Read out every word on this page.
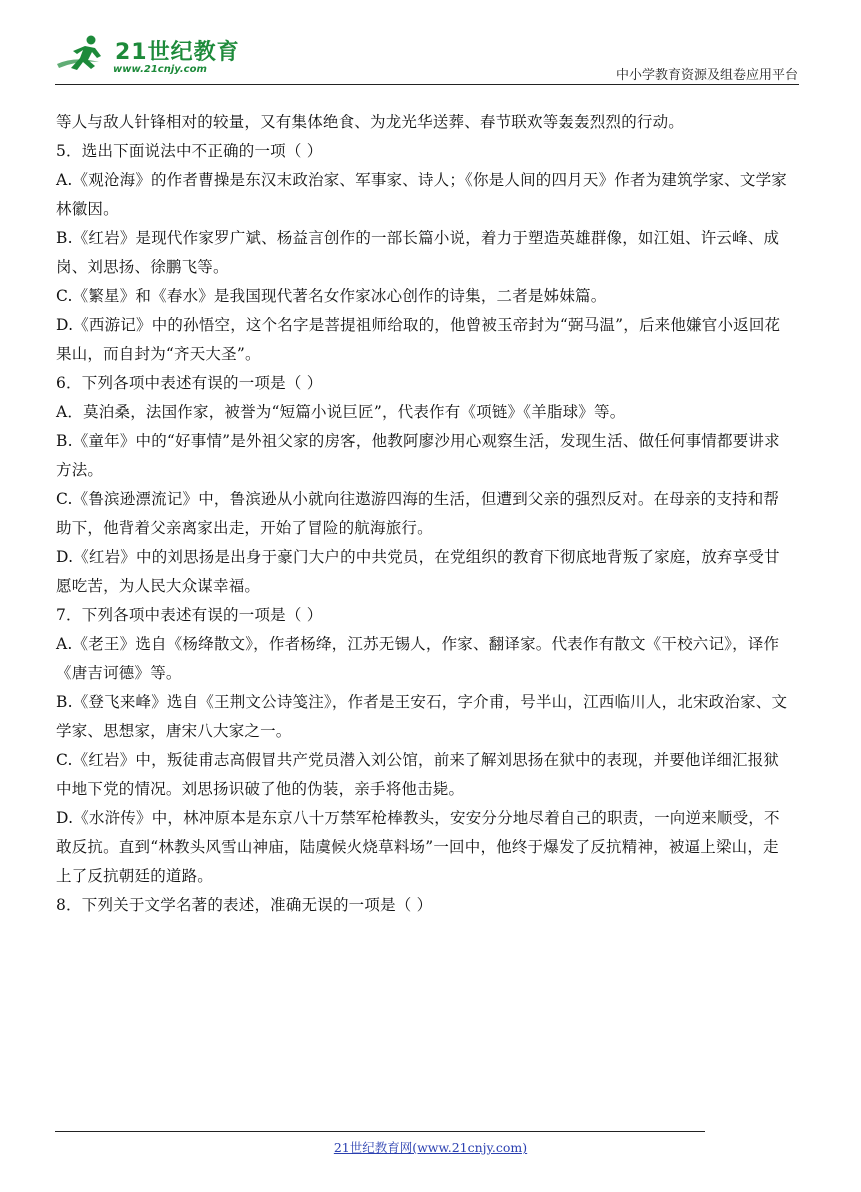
21世纪教育
www.21cnjy.com	中小学教育资源及组卷应用平台
等人与敌人针锋相对的较量，又有集体绝食、为龙光华送葬、春节联欢等轰轰烈烈的行动。
5．选出下面说法中不正确的一项（ ）
A.《观沧海》的作者曹操是东汉末政治家、军事家、诗人；《你是人间的四月天》作者为建筑学家、文学家
林徽因。
B.《红岩》是现代作家罗广斌、杨益言创作的一部长篇小说，着力于塑造英雄群像，如江姐、许云峰、成
岗、刘思扬、徐鹏飞等。
C.《繁星》和《春水》是我国现代著名女作家冰心创作的诗集，二者是姊妹篇。
D.《西游记》中的孙悟空，这个名字是菩提祖师给取的，他曾被玉帝封为“弼马温”，后来他嫌官小返回花
果山，而自封为“齐天大圣”。
6．下列各项中表述有误的一项是（ ）
A．莫泊桑，法国作家，被誉为“短篇小说巨匠”，代表作有《项链》《羊脂球》等。
B.《童年》中的“好事情”是外祖父家的房客，他教阿廖沙用心观察生活，发现生活、做任何事情都要讲求
方法。
C.《鲁滨逊漂流记》中，鲁滨逊从小就向往遨游四海的生活，但遭到父亲的强烈反对。在母亲的支持和帮
助下，他背着父亲离家出走，开始了冒险的航海旅行。
D.《红岩》中的刘思扬是出身于豪门大户的中共党员，在党组织的教育下彻底地背叛了家庭，放弃享受甘
愿吃苦，为人民大众谋幸福。
7．下列各项中表述有误的一项是（ ）
A.《老王》选自《杨绛散文》，作者杨绛，江苏无锡人，作家、翻译家。代表作有散文《干校六记》，译作
《唐吉诃德》等。
B.《登飞来峰》选自《王荆文公诗笺注》，作者是王安石，字介甫，号半山，江西临川人，北宋政治家、文
学家、思想家，唐宋八大家之一。
C.《红岩》中，叛徒甫志高假冒共产党员潜入刘公馆，前来了解刘思扬在狱中的表现，并要他详细汇报狱
中地下党的情况。刘思扬识破了他的伪装，亲手将他击毙。
D.《水浒传》中，林冲原本是东京八十万禁军枪棒教头，安安分分地尽着自己的职责，一向逆来顺受，不
敢反抗。直到“林教头风雪山神庙，陆虞候火烧草料场”一回中，他终于爆发了反抗精神，被逼上梁山，走
上了反抗朝廷的道路。
8．下列关于文学名著的表述，准确无误的一项是（ ）
21世纪教育网(www.21cnjy.com)
